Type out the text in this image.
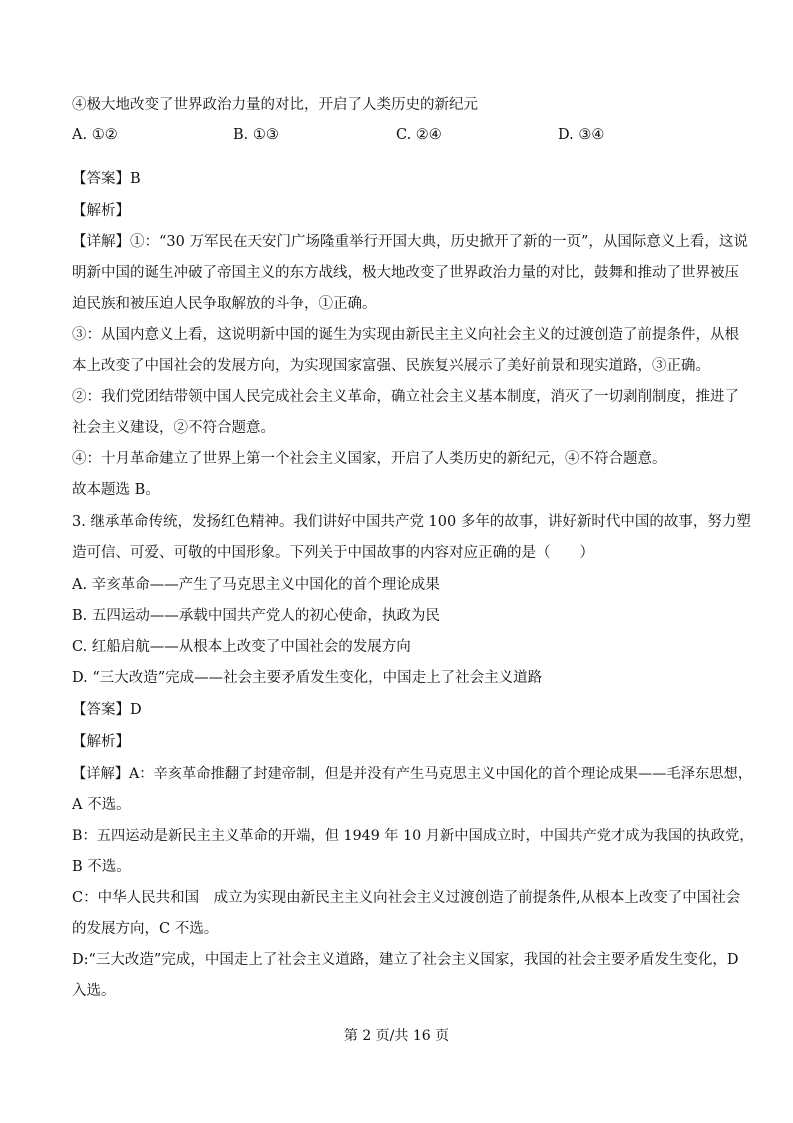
④极大地改变了世界政治力量的对比，开启了人类历史的新纪元
A. ①②	B. ①③	C. ②④	D. ③④
【答案】B
【解析】
【详解】①：“30 万军民在天安门广场隆重举行开国大典，历史掀开了新的一页”，从国际意义上看，这说
明新中国的诞生冲破了帝国主义的东方战线，极大地改变了世界政治力量的对比，鼓舞和推动了世界被压
迫民族和被压迫人民争取解放的斗争，①正确。
③：从国内意义上看，这说明新中国的诞生为实现由新民主主义向社会主义的过渡创造了前提条件，从根
本上改变了中国社会的发展方向，为实现国家富强、民族复兴展示了美好前景和现实道路，③正确。
②：我们党团结带领中国人民完成社会主义革命，确立社会主义基本制度，消灭了一切剥削制度，推进了
社会主义建设，②不符合题意。
④：十月革命建立了世界上第一个社会主义国家，开启了人类历史的新纪元，④不符合题意。
故本题选 B。
3. 继承革命传统，发扬红色精神。我们讲好中国共产党 100 多年的故事，讲好新时代中国的故事，努力塑
造可信、可爱、可敬的中国形象。下列关于中国故事的内容对应正确的是（　　）
A. 辛亥革命——产生了马克思主义中国化的首个理论成果
B. 五四运动——承载中国共产党人的初心使命，执政为民
C. 红船启航——从根本上改变了中国社会的发展方向
D. “三大改造”完成——社会主要矛盾发生变化，中国走上了社会主义道路
【答案】D
【解析】
【详解】A：辛亥革命推翻了封建帝制，但是并没有产生马克思主义中国化的首个理论成果——毛泽东思想，
A 不选。
B：五四运动是新民主主义革命的开端，但 1949 年 10 月新中国成立时，中国共产党才成为我国的执政党，
B 不选。
C：中华人民共和国　成立为实现由新民主主义向社会主义过渡创造了前提条件,从根本上改变了中国社会
的发展方向，C 不选。
D:“三大改造”完成，中国走上了社会主义道路，建立了社会主义国家，我国的社会主要矛盾发生变化，D
入选。
第 2 页/共 16 页
